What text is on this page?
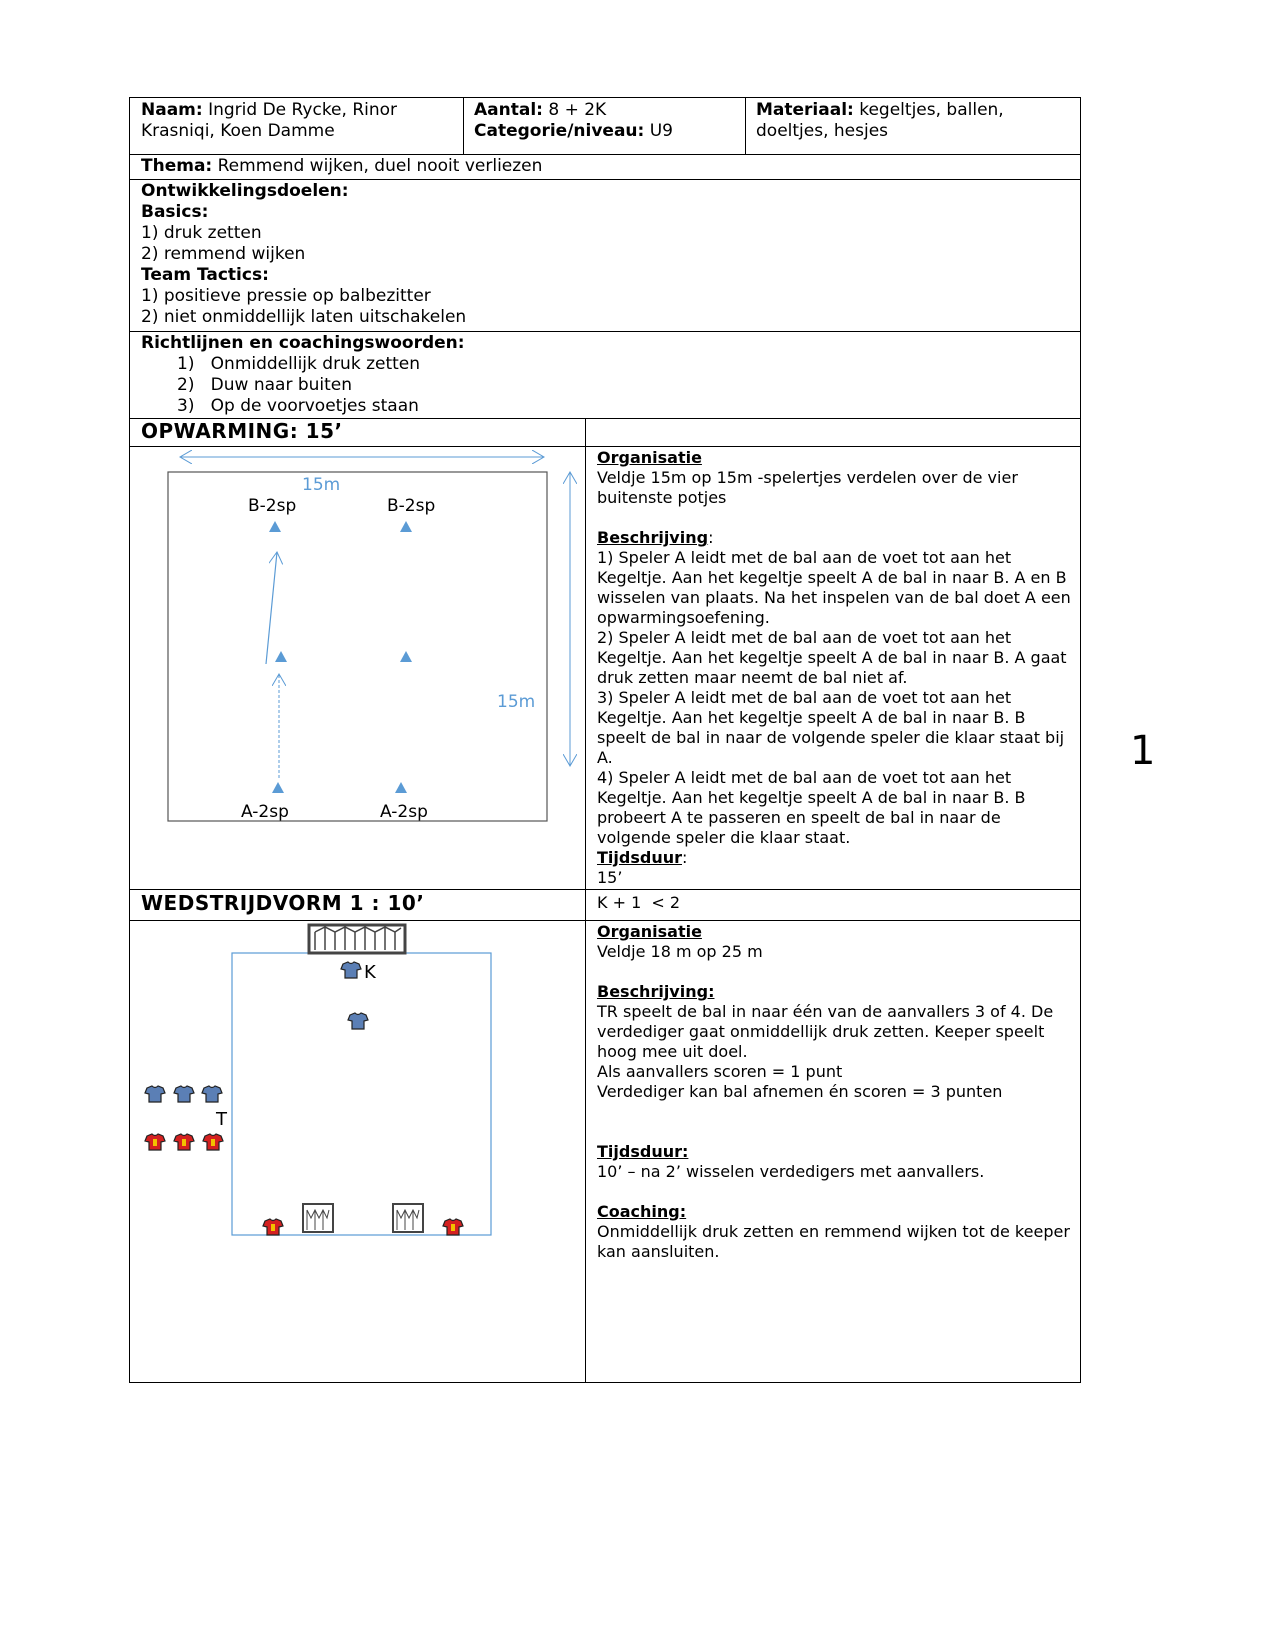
Naam: Ingrid De Rycke, Rinor
Krasniqi, Koen Damme
Aantal: 8 + 2K
Categorie/niveau: U9
Materiaal: kegeltjes, ballen,
doeltjes, hesjes
Thema: Remmend wijken, duel nooit verliezen
Ontwikkelingsdoelen:
Basics:
1) druk zetten
2) remmend wijken
Team Tactics:
1) positieve pressie op balbezitter
2) niet onmiddellijk laten uitschakelen
Richtlijnen en coachingswoorden:
1)   Onmiddellijk druk zetten
2)   Duw naar buiten
3)   Op de voorvoetjes staan
OPWARMING: 15’
15m
15m
B-2sp	B-2sp
A-2sp	A-2sp
Organisatie
Veldje 15m op 15m -spelertjes verdelen over de vier
buitenste potjes

Beschrijving:
1) Speler A leidt met de bal aan de voet tot aan het
Kegeltje. Aan het kegeltje speelt A de bal in naar B. A en B
wisselen van plaats. Na het inspelen van de bal doet A een
opwarmingsoefening.
2) Speler A leidt met de bal aan de voet tot aan het
Kegeltje. Aan het kegeltje speelt A de bal in naar B. A gaat
druk zetten maar neemt de bal niet af.
3) Speler A leidt met de bal aan de voet tot aan het
Kegeltje. Aan het kegeltje speelt A de bal in naar B. B
speelt de bal in naar de volgende speler die klaar staat bij
A.
4) Speler A leidt met de bal aan de voet tot aan het
Kegeltje. Aan het kegeltje speelt A de bal in naar B. B
probeert A te passeren en speelt de bal in naar de
volgende speler die klaar staat.
Tijdsduur:
15’
WEDSTRIJDVORM 1 : 10’	K + 1  < 2
K
T
Organisatie
Veldje 18 m op 25 m

Beschrijving:
TR speelt de bal in naar één van de aanvallers 3 of 4. De
verdediger gaat onmiddellijk druk zetten. Keeper speelt
hoog mee uit doel.
Als aanvallers scoren = 1 punt
Verdediger kan bal afnemen én scoren = 3 punten

Tijdsduur:
10’ – na 2’ wisselen verdedigers met aanvallers.

Coaching:
Onmiddellijk druk zetten en remmend wijken tot de keeper
kan aansluiten.
1
